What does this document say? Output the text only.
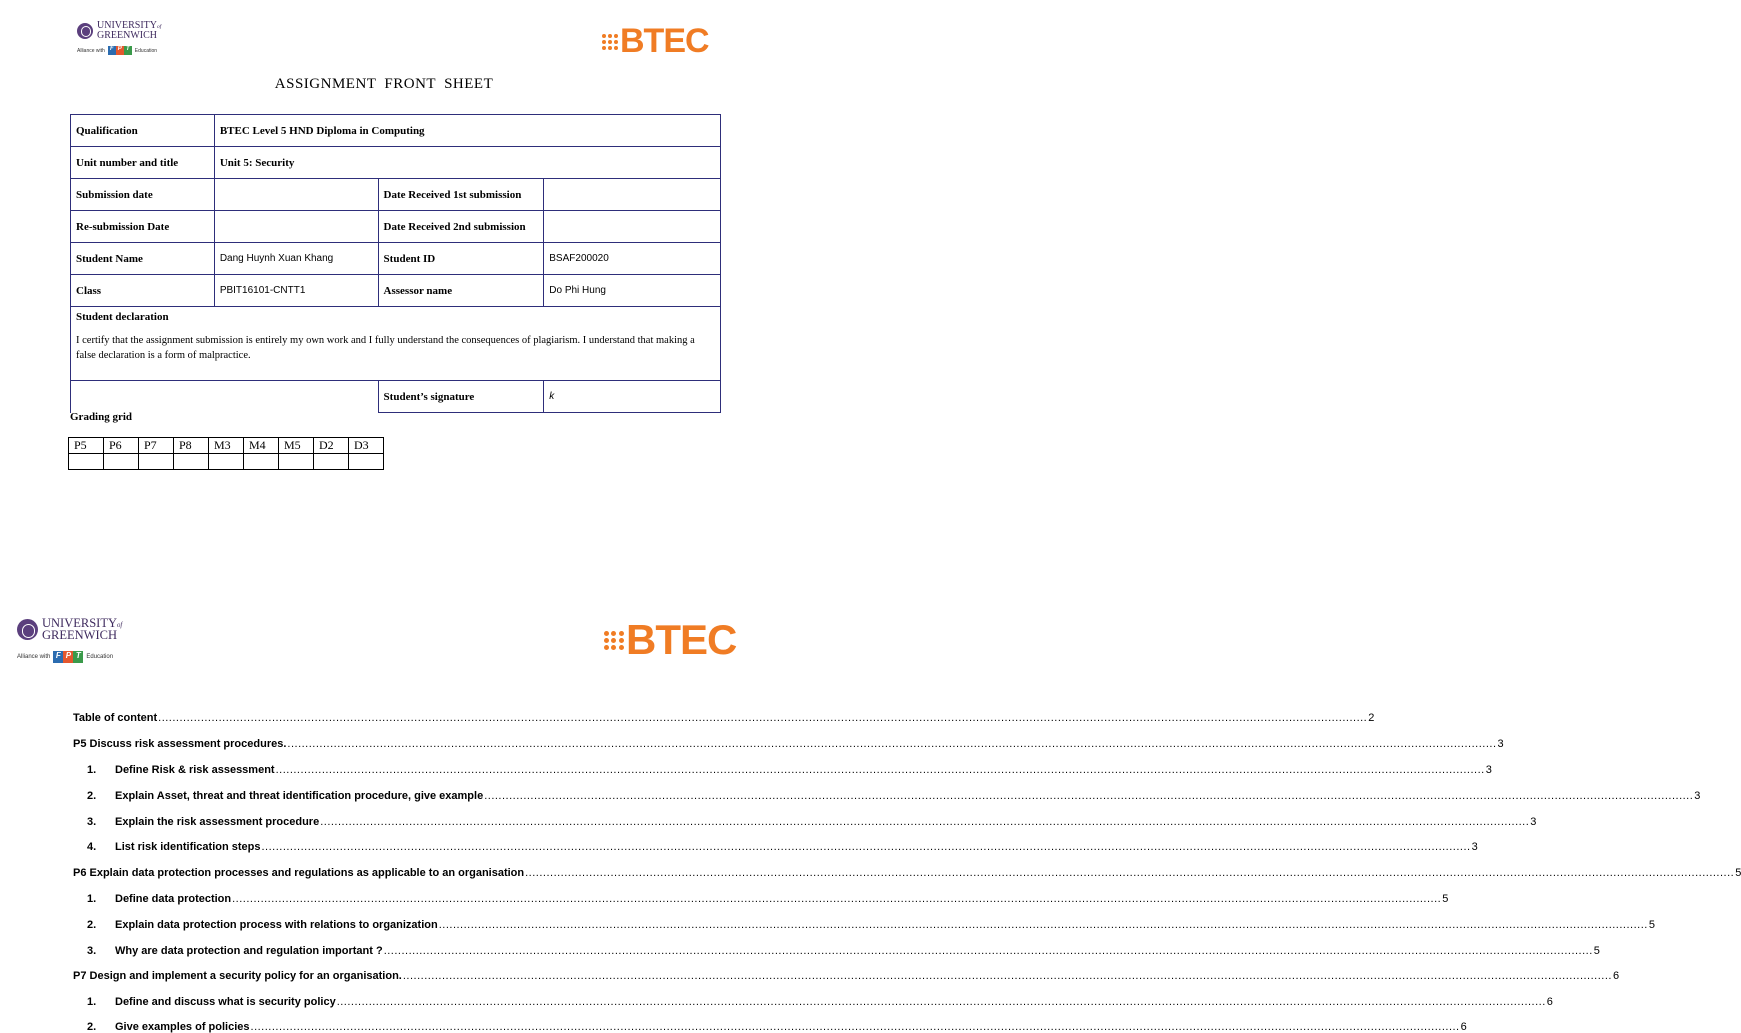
UNIVERSITYof
GREENWICH
Alliance with F P T	Education	BTEC
ASSIGNMENT FRONT SHEET
Qualification	BTEC Level 5 HND Diploma in Computing		
Unit number and title	Unit 5: Security		
Submission date		Date Received 1st submission	
Re-submission Date		Date Received 2nd submission	
Student Name	Dang Huynh Xuan Khang	Student ID	BSAF200020
Class	PBIT16101-CNTT1	Assessor name	Do Phi Hung

Student declaration
I certify that the assignment submission is entirely my own work and I fully understand the consequences of plagiarism. I understand that making a false declaration is a form of malpractice.			

		Student’s signature	k
Grading grid
P5	P6	P7	P8	M3	M4	M5	D2	D3

UNIVERSITYof
GREENWICH
Alliance with F P T Education	BTEC
Table of content .....	2
P5 Discuss risk assessment procedures. .....	3
1. Define Risk & risk assessment .....	3
2. Explain Asset, threat and threat identification procedure, give example .....	3
3. Explain the risk assessment procedure .....	3
4. List risk identification steps .....	3
P6 Explain data protection processes and regulations as applicable to an organisation .....	5
1. Define data protection .....	5
2. Explain data protection process with relations to organization .....	5
3. Why are data protection and regulation important ? .....	5
P7 Design and implement a security policy for an organisation. .....	6
1. Define and discuss what is security policy .....	6
2. Give examples of policies .....	6
